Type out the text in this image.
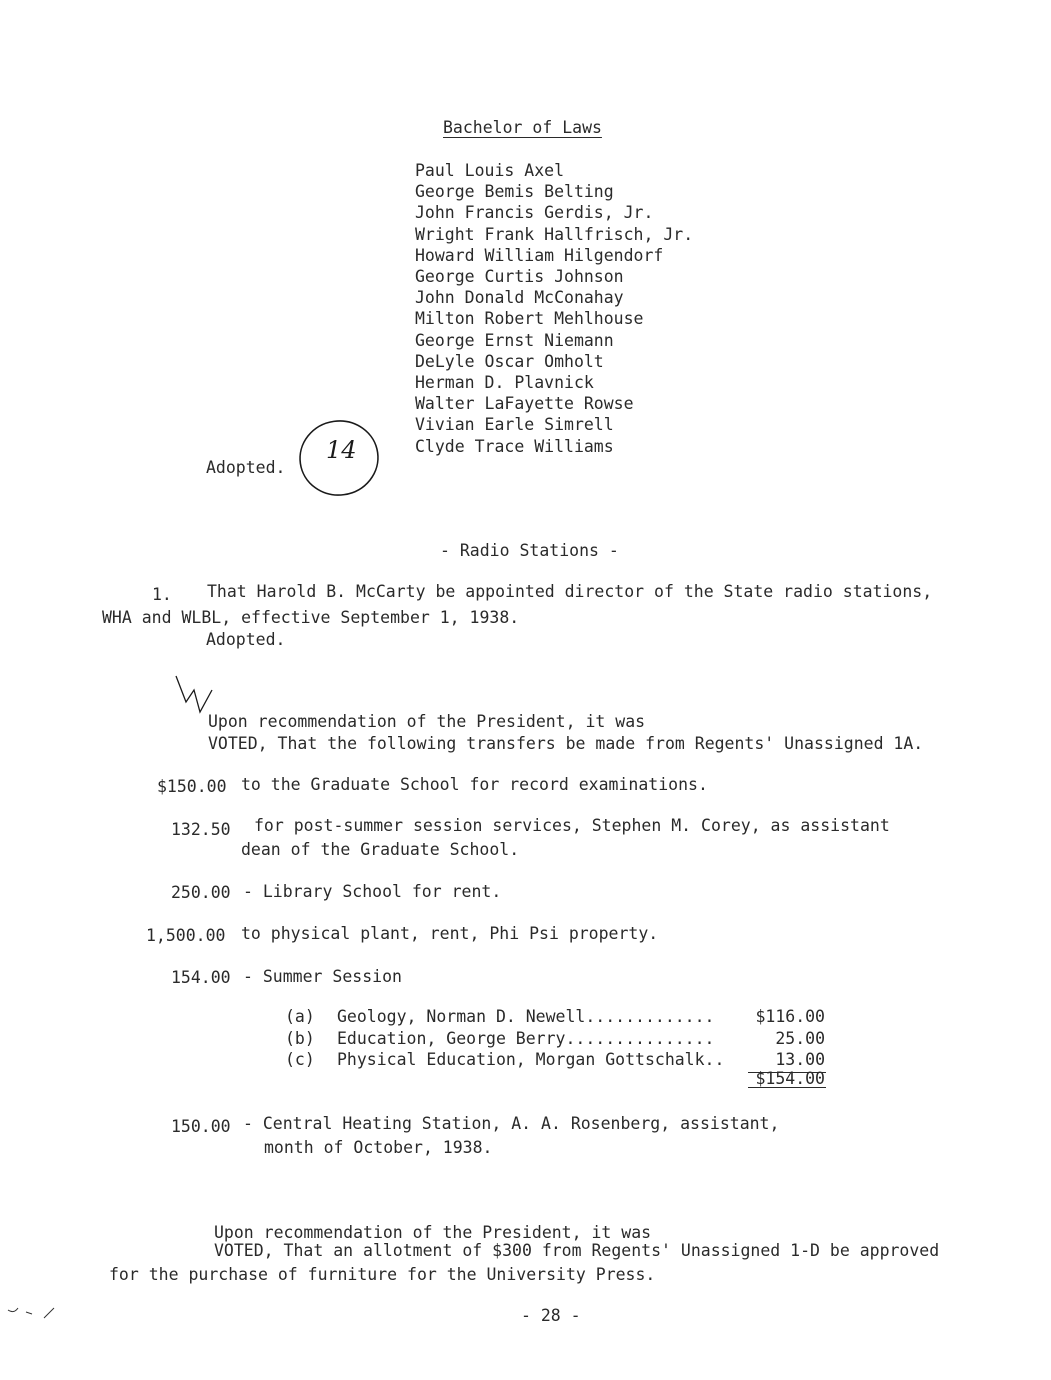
Bachelor of Laws
Paul Louis Axel
George Bemis Belting
John Francis Gerdis, Jr.
Wright Frank Hallfrisch, Jr.
Howard William Hilgendorf
George Curtis Johnson
John Donald McConahay
Milton Robert Mehlhouse
George Ernst Niemann
DeLyle Oscar Omholt
Herman D. Plavnick
Walter LaFayette Rowse
Vivian Earle Simrell
Clyde Trace Williams
Adopted.
14
- Radio Stations -
1. That Harold B. McCarty be appointed director of the State radio stations,
WHA and WLBL, effective September 1, 1938.
Adopted.
Upon recommendation of the President, it was
VOTED, That the following transfers be made from Regents' Unassigned 1A.
$150.00 to the Graduate School for record examinations.
132.50 for post-summer session services, Stephen M. Corey, as assistant
dean of the Graduate School.
250.00 - Library School for rent.
1,500.00 to physical plant, rent, Phi Psi property.
154.00 - Summer Session
(a) Geology, Norman D. Newell.............	$116.00
(b) Education, George Berry...............	25.00
(c) Physical Education, Morgan Gottschalk..	13.00
$154.00
150.00 - Central Heating Station, A. A. Rosenberg, assistant,
month of October, 1938.
Upon recommendation of the President, it was
VOTED, That an allotment of $300 from Regents' Unassigned 1-D be approved
for the purchase of furniture for the University Press.
- 28 -
